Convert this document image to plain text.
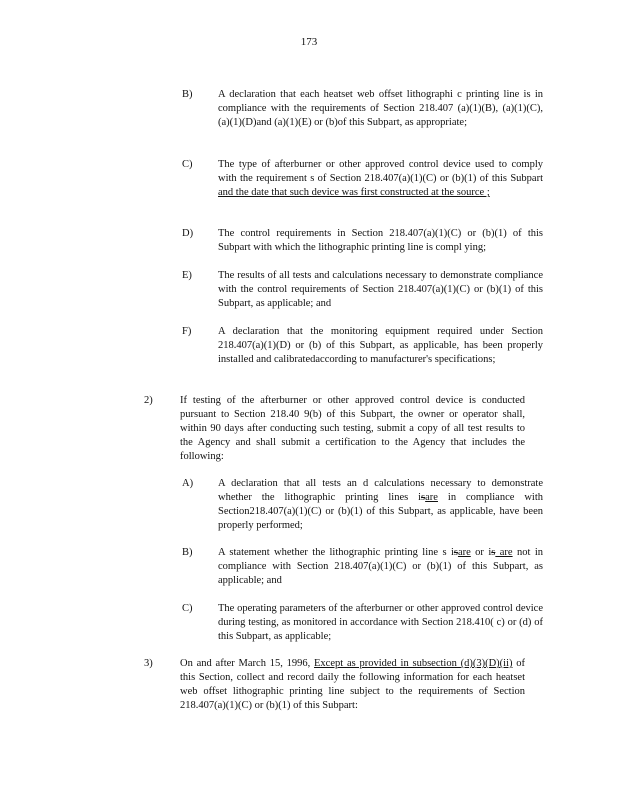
173
B) A declaration that each heatset web offset lithographi c printing line is in compliance with the requirements of Section 218.407 (a)(1)(B), (a)(1)(C), (a)(1)(D)and (a)(1)(E) or (b)of this Subpart, as appropriate;
C) The type of afterburner or other approved control device used to comply with the requirement s of Section 218.407(a)(1)(C) or (b)(1) of this Subpart and the date that such device was first constructed at the source ;
D) The control requirements in Section 218.407(a)(1)(C) or (b)(1) of this Subpart with which the lithographic printing line is compl ying;
E) The results of all tests and calculations necessary to demonstrate compliance with the control requirements of Section 218.407(a)(1)(C) or (b)(1) of this Subpart, as applicable; and
F)	A declaration that the monitoring equipment required under Section 218.407(a)(1)(D) or (b) of this Subpart, as applicable, has been properly installed and calibratedaccording to manufacturer's specifications;
2)	If testing of the afterburner or other approved control device is conducted pursuant to Section 218.40 9(b) of this Subpart, the owner or operator shall, within 90 days after conducting such testing, submit a copy of all test results to the Agency and shall submit a certification to the Agency that includes the following:
A) A declaration that all tests an d calculations necessary to demonstrate whether the lithographic printing lines isare in compliance with Section218.407(a)(1)(C) or (b)(1) of this Subpart, as applicable, have been properly performed;
B) A statement whether the lithographic printing line s isare or is are not in compliance with Section 218.407(a)(1)(C) or (b)(1) of this Subpart, as applicable; and
C) The operating parameters of the afterburner or other approved control device during testing, as monitored in accordance with Section 218.410( c) or (d) of this Subpart, as applicable;
3)	On and after March 15, 1996, Except as provided in subsection (d)(3)(D)(ii) of this Section, collect and record daily the following information for each heatset web offset lithographic printing line subject to the requirements of Section 218.407(a)(1)(C) or (b)(1) of this Subpart:
